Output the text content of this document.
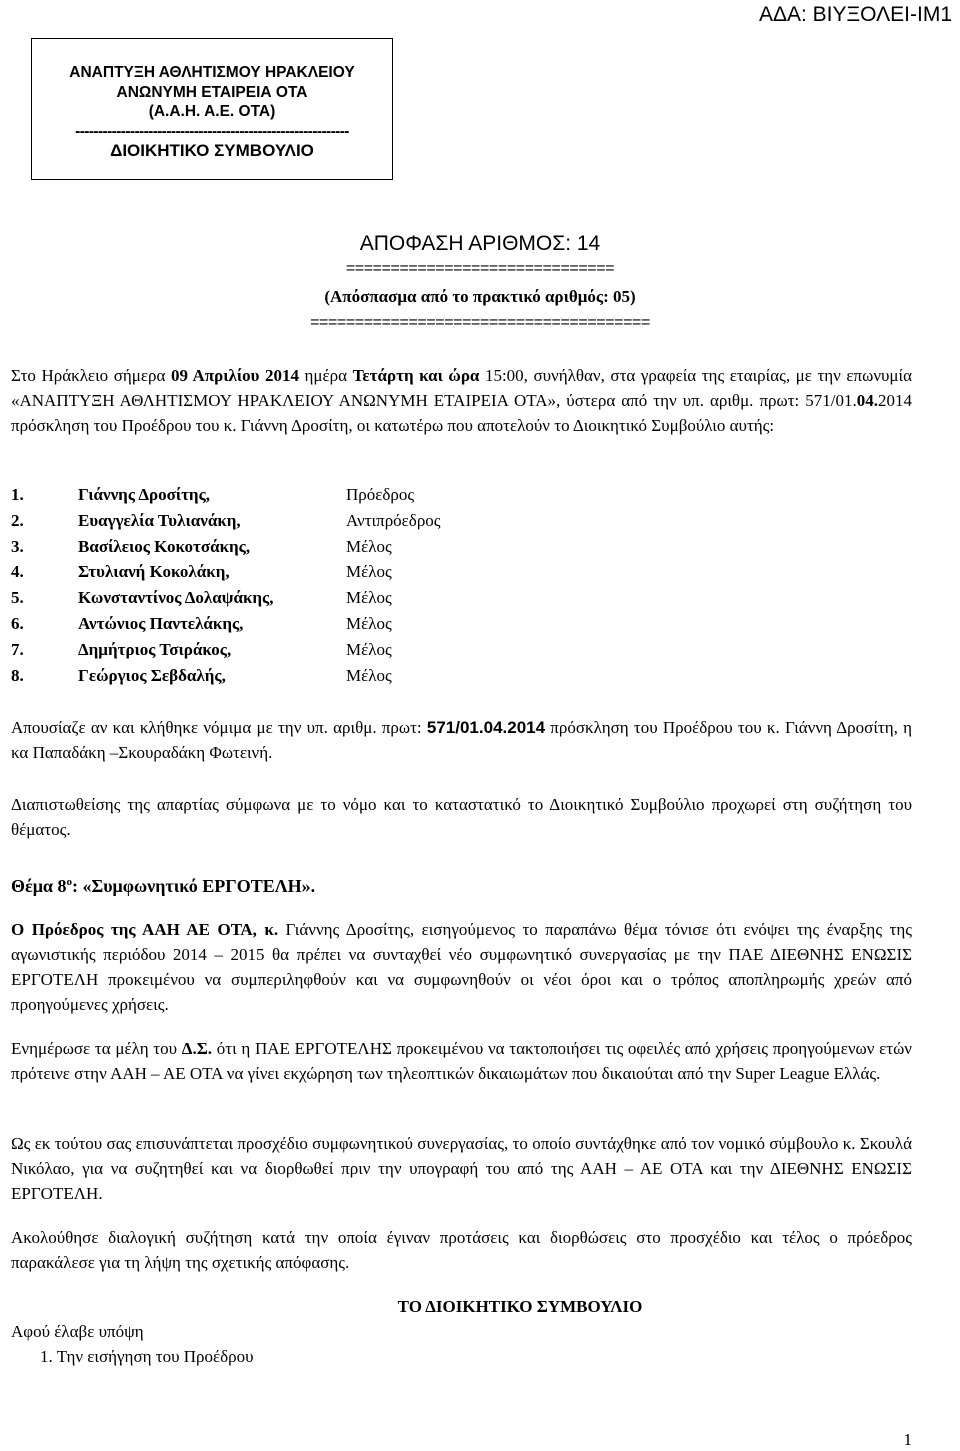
ΑΔΑ: ΒΙΥΞΟΛΕΙ-ΙΜ1
ΑΝΑΠΤΥΞΗ ΑΘΛΗΤΙΣΜΟΥ ΗΡΑΚΛΕΙΟΥ
ΑΝΩΝΥΜΗ ΕΤΑΙΡΕΙΑ ΟΤΑ
(Α.Α.Η. Α.Ε. ΟΤΑ)
------------------------------------------------------------
ΔΙΟΙΚΗΤΙΚΟ ΣΥΜΒΟΥΛΙΟ
ΑΠΟΦΑΣΗ ΑΡΙΘΜΟΣ: 14
==============================
(Απόσπασμα από το πρακτικό αριθμός: 05)
======================================
Στο Ηράκλειο σήμερα 09 Απριλίου 2014 ημέρα Τετάρτη και ώρα 15:00, συνήλθαν, στα γραφεία της εταιρίας, με την επωνυμία «ΑΝΑΠΤΥΞΗ ΑΘΛΗΤΙΣΜΟΥ ΗΡΑΚΛΕΙΟΥ ΑΝΩΝΥΜΗ ΕΤΑΙΡΕΙΑ ΟΤΑ», ύστερα από την υπ. αριθμ. πρωτ: 571/01.04.2014 πρόσκληση του Προέδρου του κ. Γιάννη Δροσίτη, οι κατωτέρω που αποτελούν το Διοικητικό Συμβούλιο αυτής:
1.	Γιάννης Δροσίτης,	Πρόεδρος
2.	Ευαγγελία Τυλιανάκη,	Αντιπρόεδρος
3.	Βασίλειος Κοκοτσάκης,	Μέλος
4.	Στυλιανή Κοκολάκη,	Μέλος
5.	Κωνσταντίνος Δολαψάκης,	Μέλος
6.	Αντώνιος Παντελάκης,	Μέλος
7.	Δημήτριος Τσιράκος,	Μέλος
8.	Γεώργιος Σεβδαλής,	Μέλος
Απουσίαζε αν και κλήθηκε νόμιμα με την υπ. αριθμ. πρωτ: 571/01.04.2014 πρόσκληση του Προέδρου του κ. Γιάννη Δροσίτη, η κα Παπαδάκη –Σκουραδάκη Φωτεινή.
Διαπιστωθείσης της απαρτίας σύμφωνα με το νόμο και το καταστατικό το Διοικητικό Συμβούλιο προχωρεί στη συζήτηση του θέματος.
Θέμα $8^o$: «Συμφωνητικό ΕΡΓΟΤΕΛΗ».
Ο Πρόεδρος της ΑΑΗ ΑΕ ΟΤΑ, κ. Γιάννης Δροσίτης, εισηγούμενος το παραπάνω θέμα τόνισε ότι ενόψει της έναρξης της αγωνιστικής περιόδου 2014 – 2015 θα πρέπει να συνταχθεί νέο συμφωνητικό συνεργασίας με την ΠΑΕ ΔΙΕΘΝΗΣ ΕΝΩΣΙΣ ΕΡΓΟΤΕΛΗ προκειμένου να συμπεριληφθούν και να συμφωνηθούν οι νέοι όροι και ο τρόπος αποπληρωμής χρεών από προηγούμενες χρήσεις.
Ενημέρωσε τα μέλη του Δ.Σ. ότι η ΠΑΕ ΕΡΓΟΤΕΛΗΣ προκειμένου να τακτοποιήσει τις οφειλές από χρήσεις προηγούμενων ετών πρότεινε στην ΑΑΗ – ΑΕ ΟΤΑ να γίνει εκχώρηση των τηλεοπτικών δικαιωμάτων που δικαιούται από την Super League Ελλάς.
Ως εκ τούτου σας επισυνάπτεται προσχέδιο συμφωνητικού συνεργασίας, το οποίο συντάχθηκε από τον νομικό σύμβουλο κ. Σκουλά Νικόλαο, για να συζητηθεί και να διορθωθεί πριν την υπογραφή του από της ΑΑΗ – ΑΕ ΟΤΑ και την ΔΙΕΘΝΗΣ ΕΝΩΣΙΣ ΕΡΓΟΤΕΛΗ.
Ακολούθησε διαλογική συζήτηση κατά την οποία έγιναν προτάσεις και διορθώσεις στο προσχέδιο και τέλος ο πρόεδρος παρακάλεσε για τη λήψη της σχετικής απόφασης.
ΤΟ ΔΙΟΙΚΗΤΙΚΟ ΣΥΜΒΟΥΛΙΟ
Αφού έλαβε υπόψη
1. Την εισήγηση του Προέδρου
1
